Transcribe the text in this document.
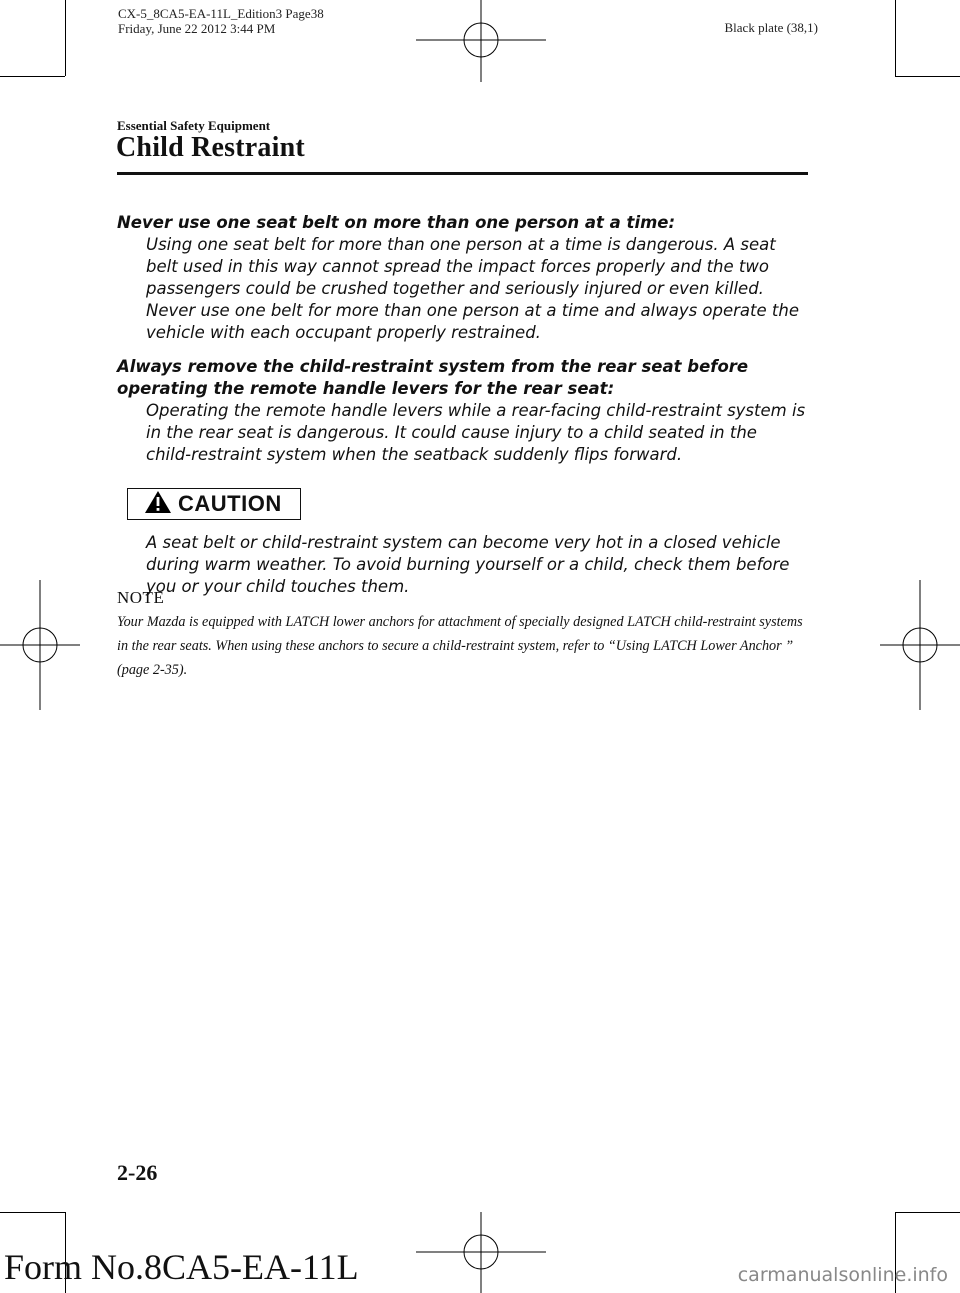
CX-5_8CA5-EA-11L_Edition3 Page38
Friday, June 22 2012 3:44 PM	Black plate (38,1)
Essential Safety Equipment
Child Restraint

Never use one seat belt on more than one person at a time:

Using one seat belt for more than one person at a time is dangerous. A seat belt used in this way cannot spread the impact forces properly and the two passengers could be crushed together and seriously injured or even killed. Never use one belt for more than one person at a time and always operate the vehicle with each occupant properly restrained.

Always remove the child-restraint system from the rear seat before operating the remote handle levers for the rear seat:

Operating the remote handle levers while a rear-facing child-restraint system is in the rear seat is dangerous. It could cause injury to a child seated in the child-restraint system when the seatback suddenly flips forward.

CAUTION

A seat belt or child-restraint system can become very hot in a closed vehicle during warm weather. To avoid burning yourself or a child, check them before you or your child touches them.

NOTE

Your Mazda is equipped with LATCH lower anchors for attachment of specially designed LATCH child-restraint systems in the rear seats. When using these anchors to secure a child-restraint system, refer to “Using LATCH Lower Anchor ” (page 2-35).

2-26
Form No.8CA5-EA-11L	carmanualsonline.info
